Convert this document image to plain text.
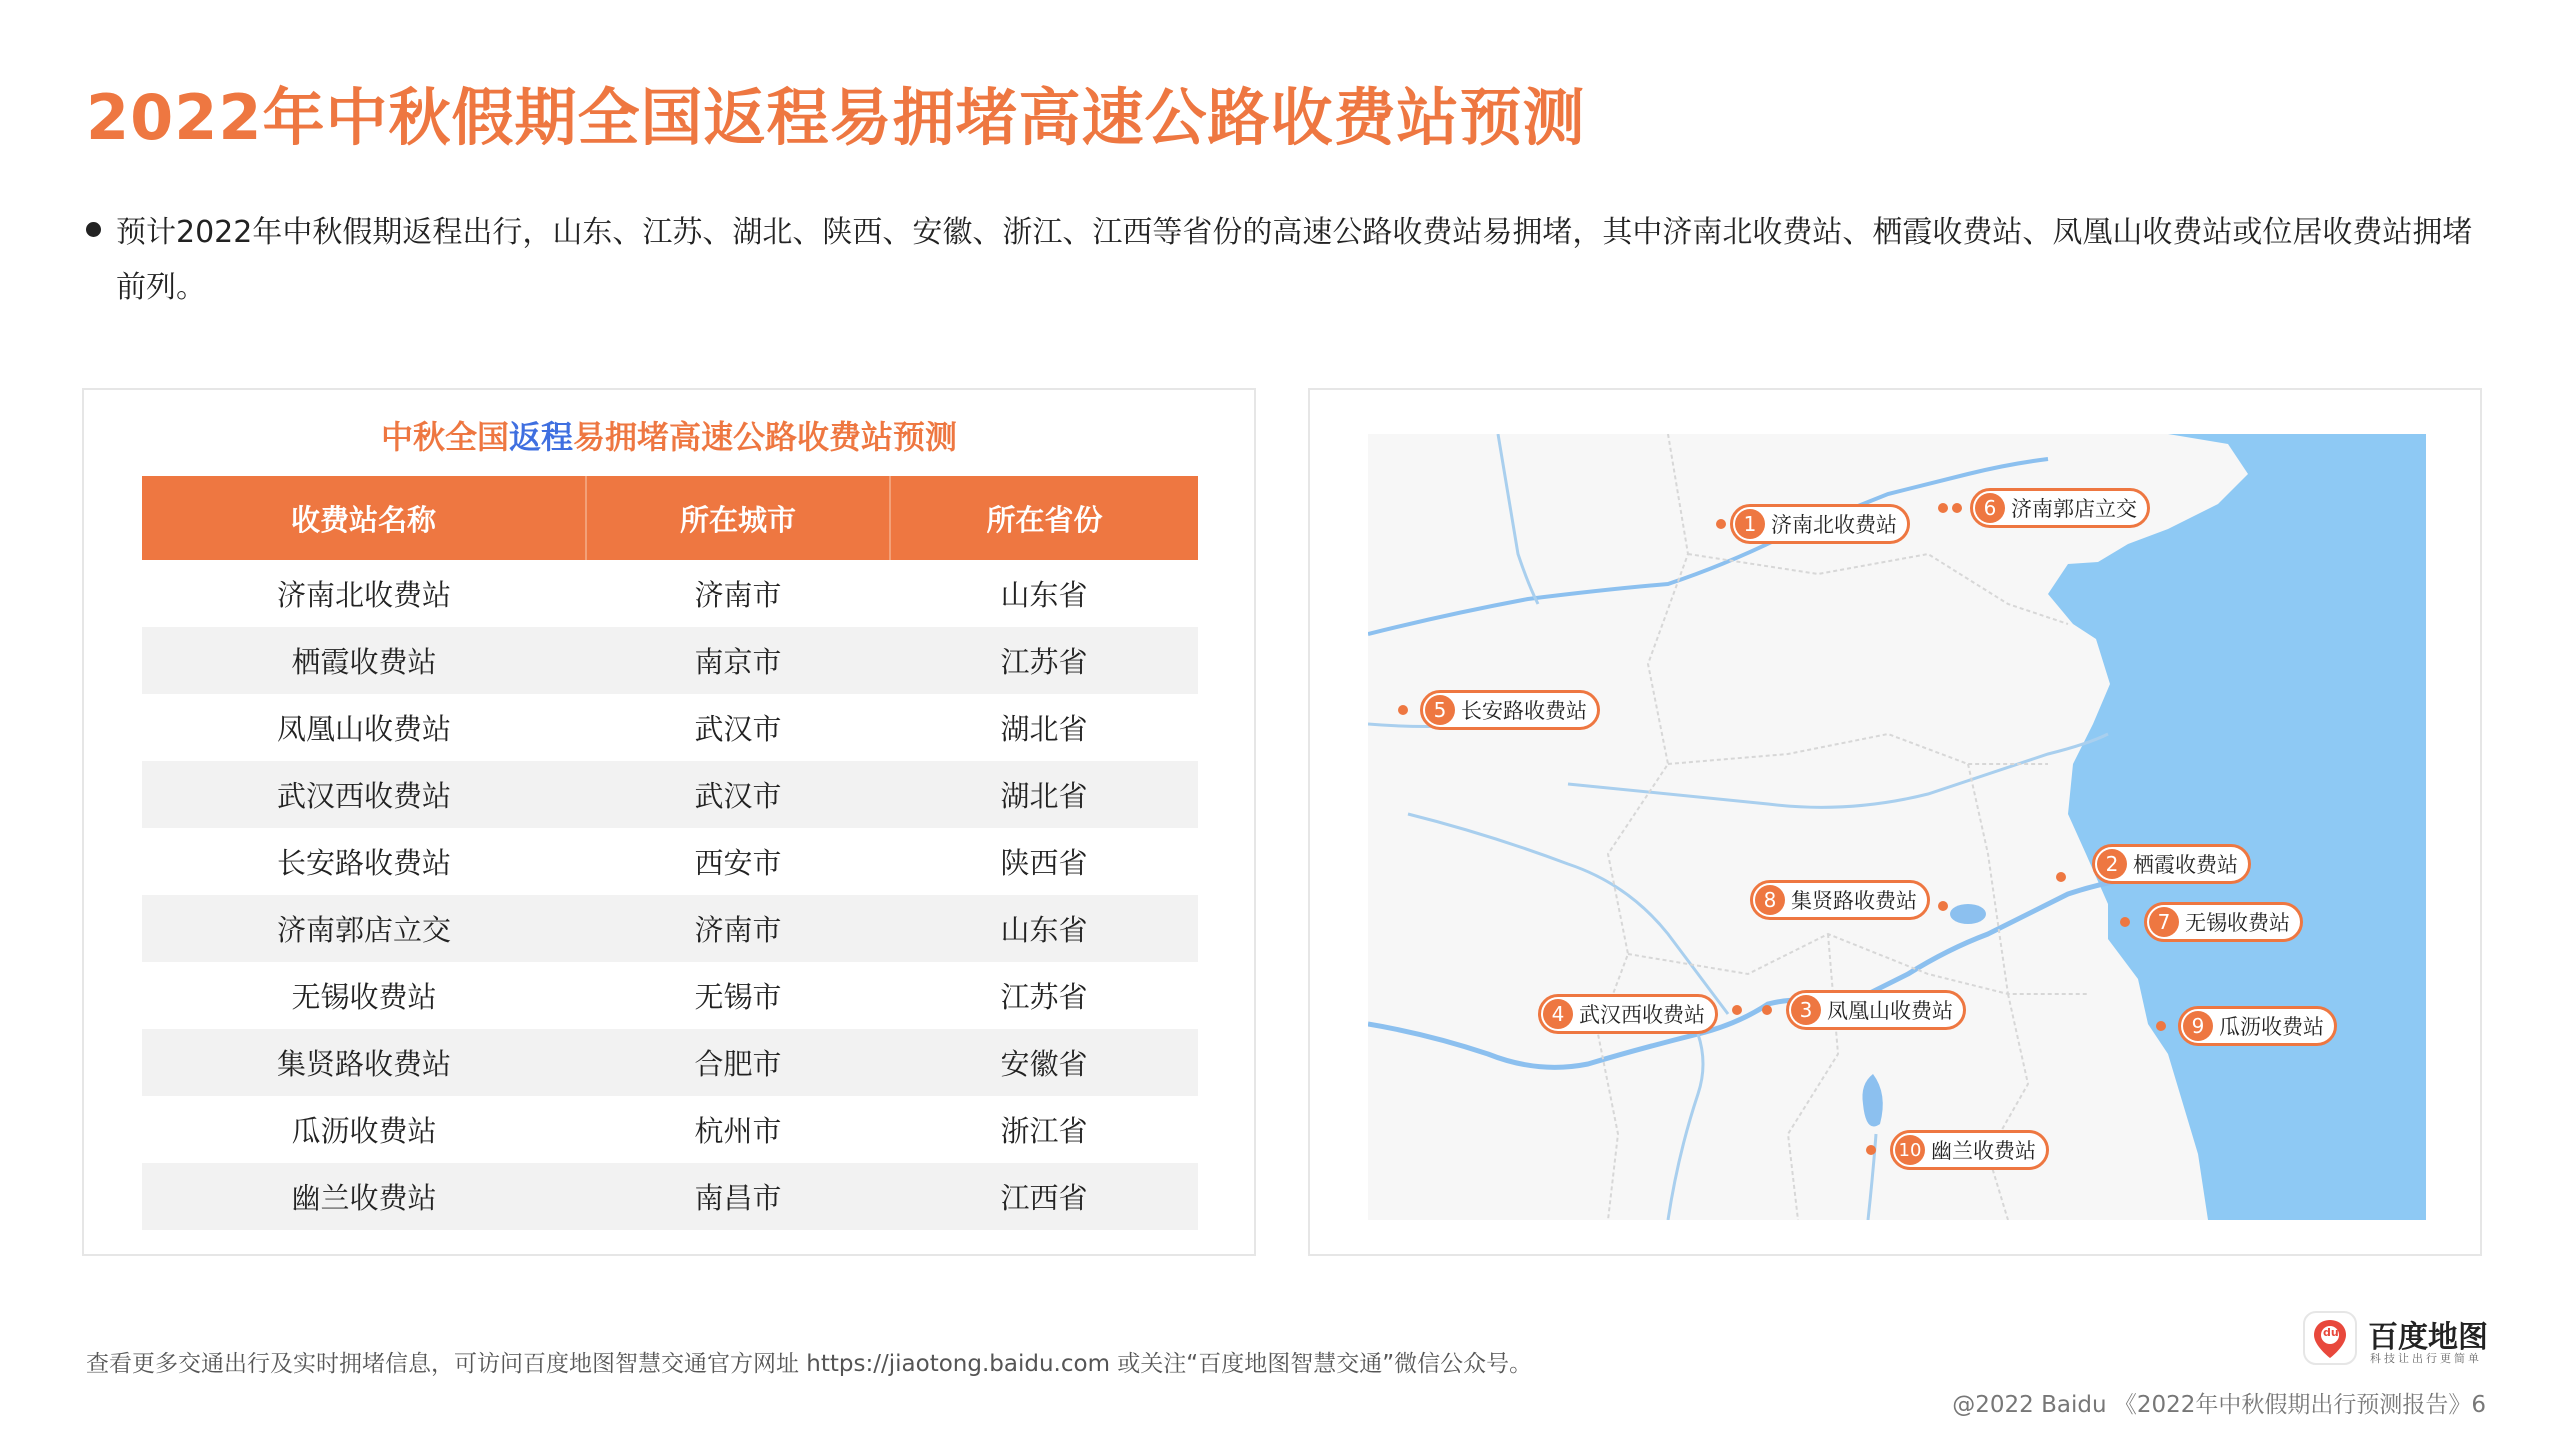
2022年中秋假期全国返程易拥堵高速公路收费站预测
预计2022年中秋假期返程出行，山东、江苏、湖北、陕西、安徽、浙江、江西等省份的高速公路收费站易拥堵，其中济南北收费站、栖霞收费站、凤凰山收费站或位居收费站拥堵前列。
中秋全国返程易拥堵高速公路收费站预测
收费站名称	所在城市	所在省份
济南北收费站	济南市	山东省
栖霞收费站	南京市	江苏省
凤凰山收费站	武汉市	湖北省
武汉西收费站	武汉市	湖北省
长安路收费站	西安市	陕西省
济南郭店立交	济南市	山东省
无锡收费站	无锡市	江苏省
集贤路收费站	合肥市	安徽省
瓜沥收费站	杭州市	浙江省
幽兰收费站	南昌市	江西省
1 济南北收费站
6 济南郭店立交
5 长安路收费站
2 栖霞收费站
8 集贤路收费站
7 无锡收费站
4 武汉西收费站	3 凤凰山收费站
9 瓜沥收费站
10 幽兰收费站
查看更多交通出行及实时拥堵信息，可访问百度地图智慧交通官方网址 https://jiaotong.baidu.com 或关注“百度地图智慧交通”微信公众号。
du 百度地图
科技让出行更简单
@2022 Baidu 《2022年中秋假期出行预测报告》6
